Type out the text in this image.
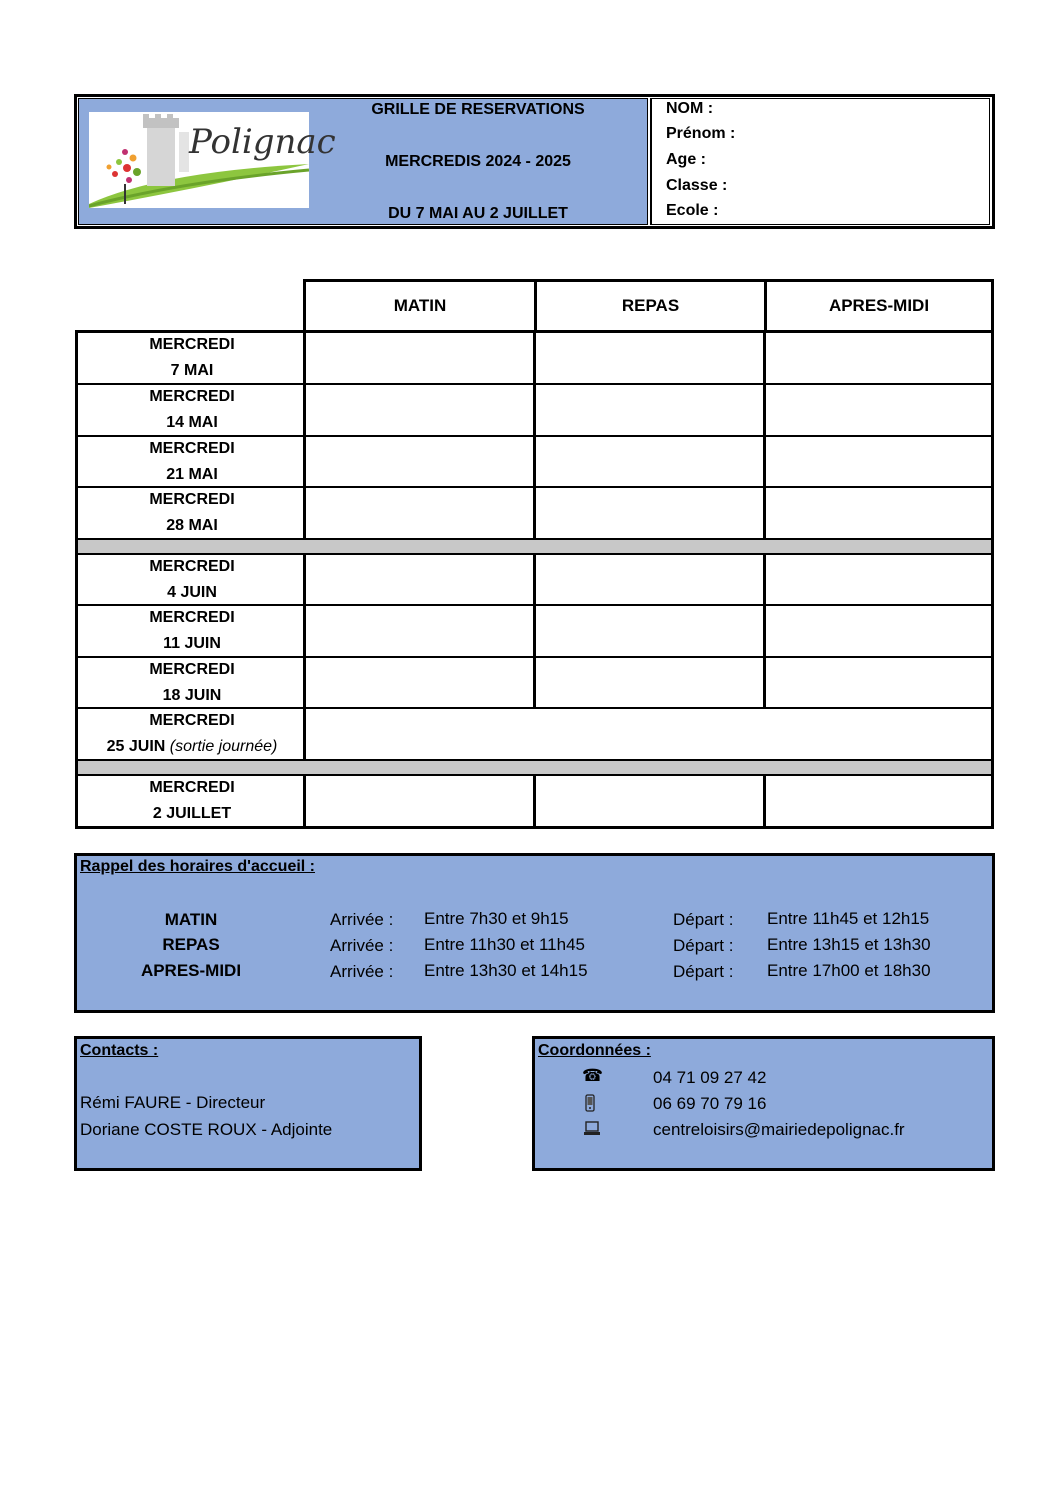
Polignac
GRILLE DE RESERVATIONS
MERCREDIS 2024 - 2025
DU 7 MAI AU 2 JUILLET
NOM :
Prénom :
Age :
Classe :
Ecole :
MATIN	REPAS	APRES-MIDI
MERCREDI
7 MAI
MERCREDI
14 MAI
MERCREDI
21 MAI
MERCREDI
28 MAI
MERCREDI
4 JUIN
MERCREDI
11 JUIN
MERCREDI
18 JUIN
MERCREDI
25 JUIN (sortie journée)
MERCREDI
2 JUILLET
Rappel des horaires d'accueil :
MATIN	Arrivée : Entre 7h30 et 9h15	Départ : Entre 11h45 et 12h15
REPAS	Arrivée : Entre 11h30 et 11h45	Départ : Entre 13h15 et 13h30
APRES-MIDI	Arrivée : Entre 13h30 et 14h15	Départ : Entre 17h00 et 18h30
Contacts :
Rémi FAURE - Directeur
Doriane COSTE ROUX - Adjointe
Coordonnées :
☎	04 71 09 27 42
06 69 70 79 16
centreloisirs@mairiedepolignac.fr
